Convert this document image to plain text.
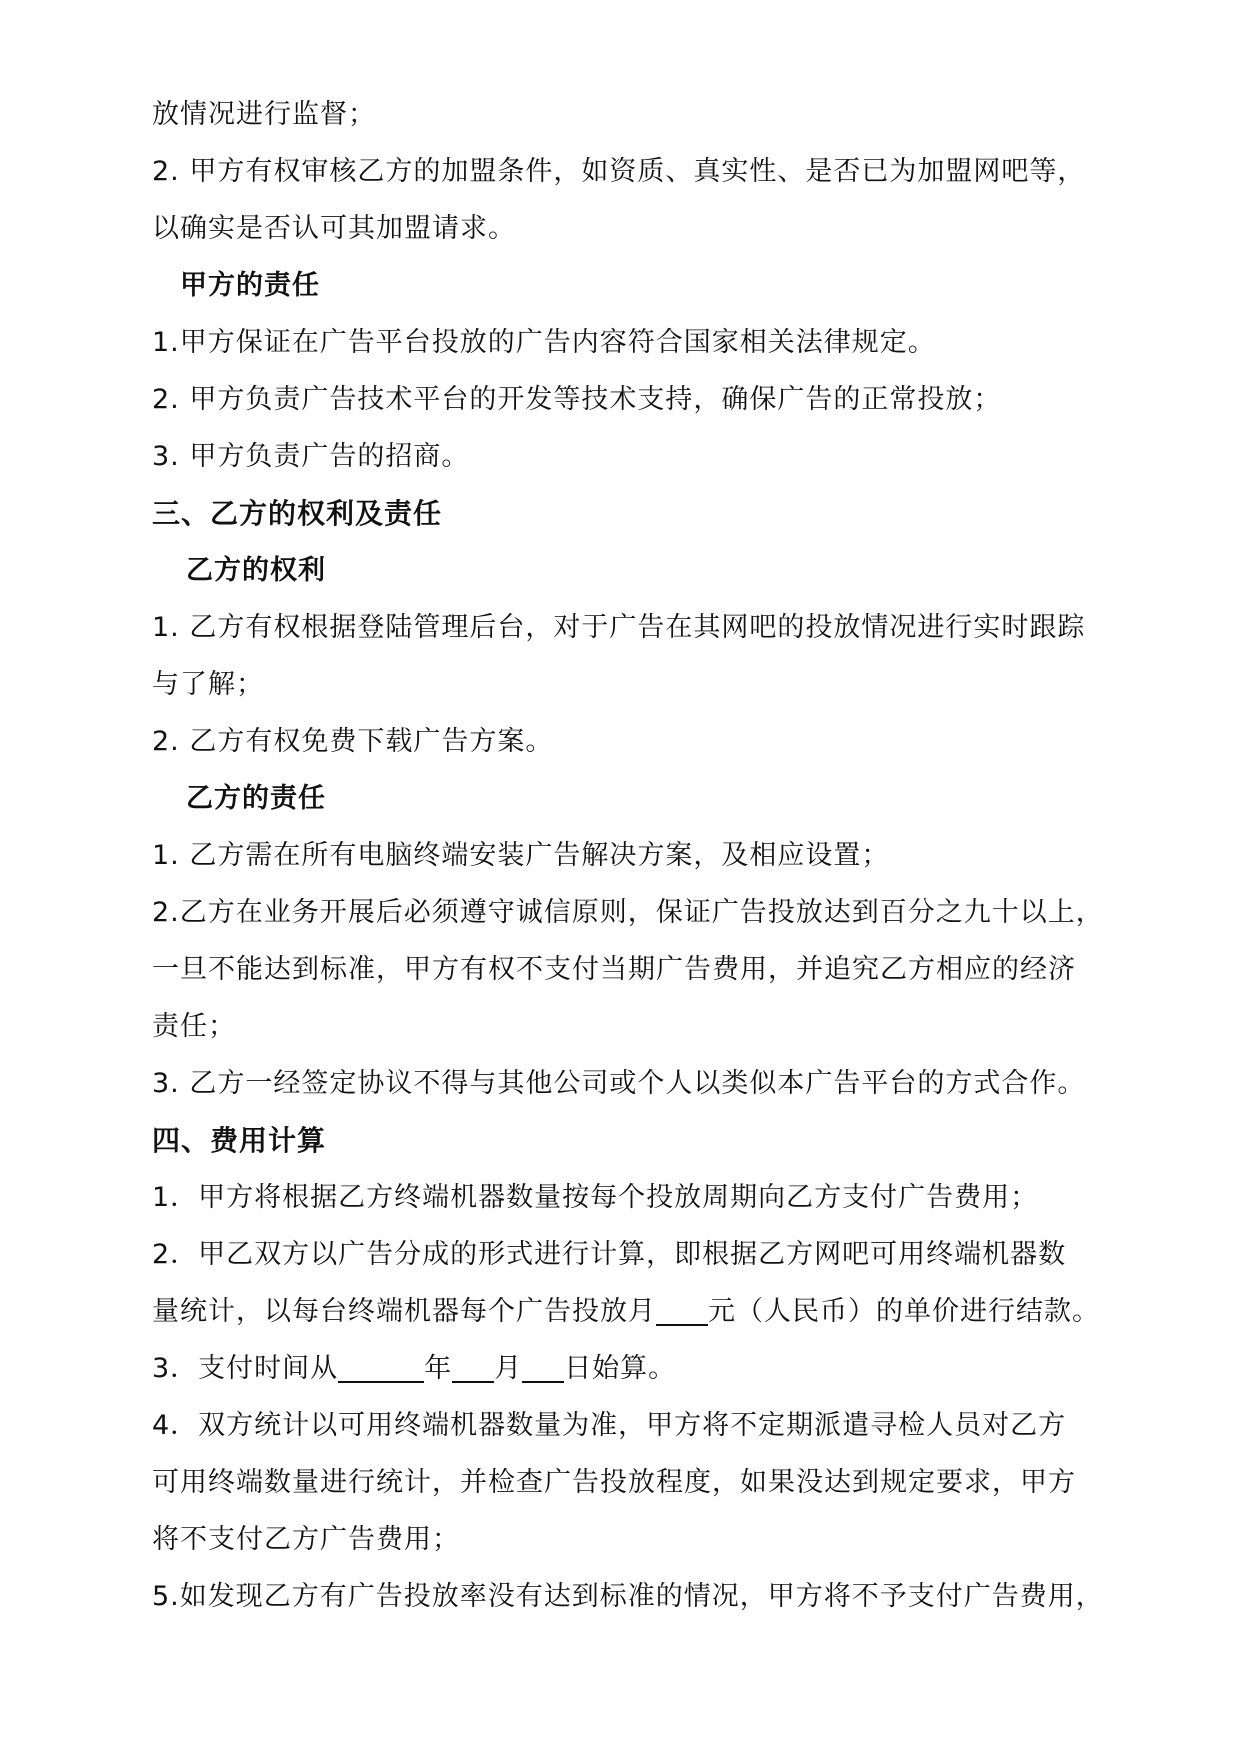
放情况进行监督；
2. 甲方有权审核乙方的加盟条件，如资质、真实性、是否已为加盟网吧等，
以确实是否认可其加盟请求。
甲方的责任
1.甲方保证在广告平台投放的广告内容符合国家相关法律规定。
2. 甲方负责广告技术平台的开发等技术支持，确保广告的正常投放；
3. 甲方负责广告的招商。
三、乙方的权利及责任
乙方的权利
1. 乙方有权根据登陆管理后台，对于广告在其网吧的投放情况进行实时跟踪
与了解；
2. 乙方有权免费下载广告方案。
乙方的责任
1. 乙方需在所有电脑终端安装广告解决方案，及相应设置；
2.乙方在业务开展后必须遵守诚信原则，保证广告投放达到百分之九十以上，
一旦不能达到标准，甲方有权不支付当期广告费用，并追究乙方相应的经济
责任；
3. 乙方一经签定协议不得与其他公司或个人以类似本广告平台的方式合作。
四、费用计算
1．甲方将根据乙方终端机器数量按每个投放周期向乙方支付广告费用；
2．甲乙双方以广告分成的形式进行计算，即根据乙方网吧可用终端机器数
量统计，以每台终端机器每个广告投放月 元（人民币）的单价进行结款。
3．支付时间从	年 月 日始算。
4．双方统计以可用终端机器数量为准，甲方将不定期派遣寻检人员对乙方
可用终端数量进行统计，并检查广告投放程度，如果没达到规定要求，甲方
将不支付乙方广告费用；
5.如发现乙方有广告投放率没有达到标准的情况，甲方将不予支付广告费用，
